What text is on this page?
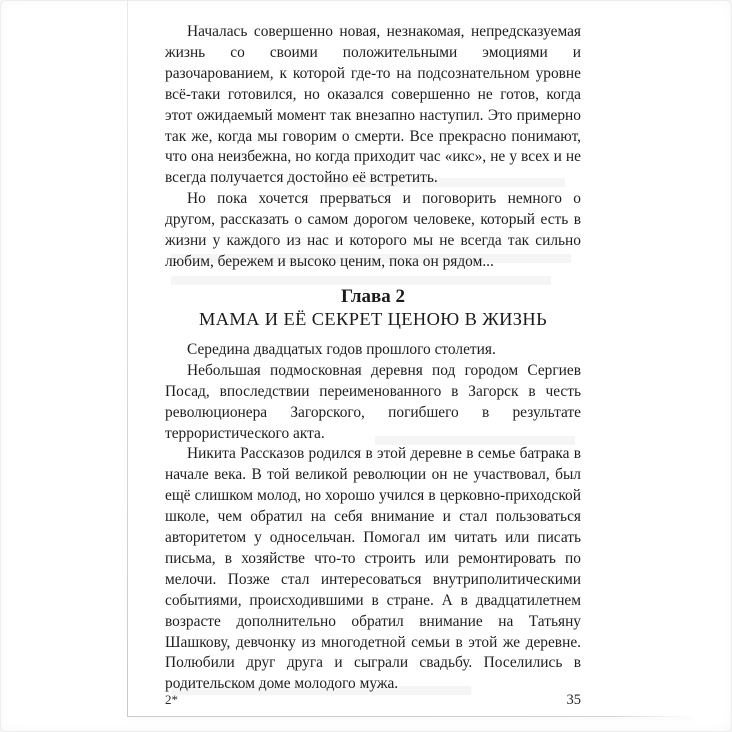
Началась совершенно новая, незнакомая, непредсказуемая жизнь со своими положительными эмоциями и разочарованием, к которой где-то на подсознательном уровне всё-таки готовился, но оказался совершенно не готов, когда этот ожидаемый момент так внезапно наступил. Это примерно так же, когда мы говорим о смерти. Все прекрасно понимают, что она неизбежна, но когда приходит час «икс», не у всех и не всегда получается достойно её встретить.

Но пока хочется прерваться и поговорить немного о другом, рассказать о самом дорогом человеке, который есть в жизни у каждого из нас и которого мы не всегда так сильно любим, бережем и высоко ценим, пока он рядом...

Глава 2
МАМА И ЕЁ СЕКРЕТ ЦЕНОЮ В ЖИЗНЬ

Середина двадцатых годов прошлого столетия.

Небольшая подмосковная деревня под городом Сергиев Посад, впоследствии переименованного в Загорск в честь революционера Загорского, погибшего в результате террористического акта.

Никита Рассказов родился в этой деревне в семье батрака в начале века. В той великой революции он не участвовал, был ещё слишком молод, но хорошо учился в церковно-приходской школе, чем обратил на себя внимание и стал пользоваться авторитетом у односельчан. Помогал им читать или писать письма, в хозяйстве что-то строить или ремонтировать по мелочи. Позже стал интересоваться внутриполитическими событиями, происходившими в стране. А в двадцатилетнем возрасте дополнительно обратил внимание на Татьяну Шашкову, девчонку из многодетной семьи в этой же деревне. Полюбили друг друга и сыграли свадьбу. Поселились в родительском доме молодого мужа.

2*	35
